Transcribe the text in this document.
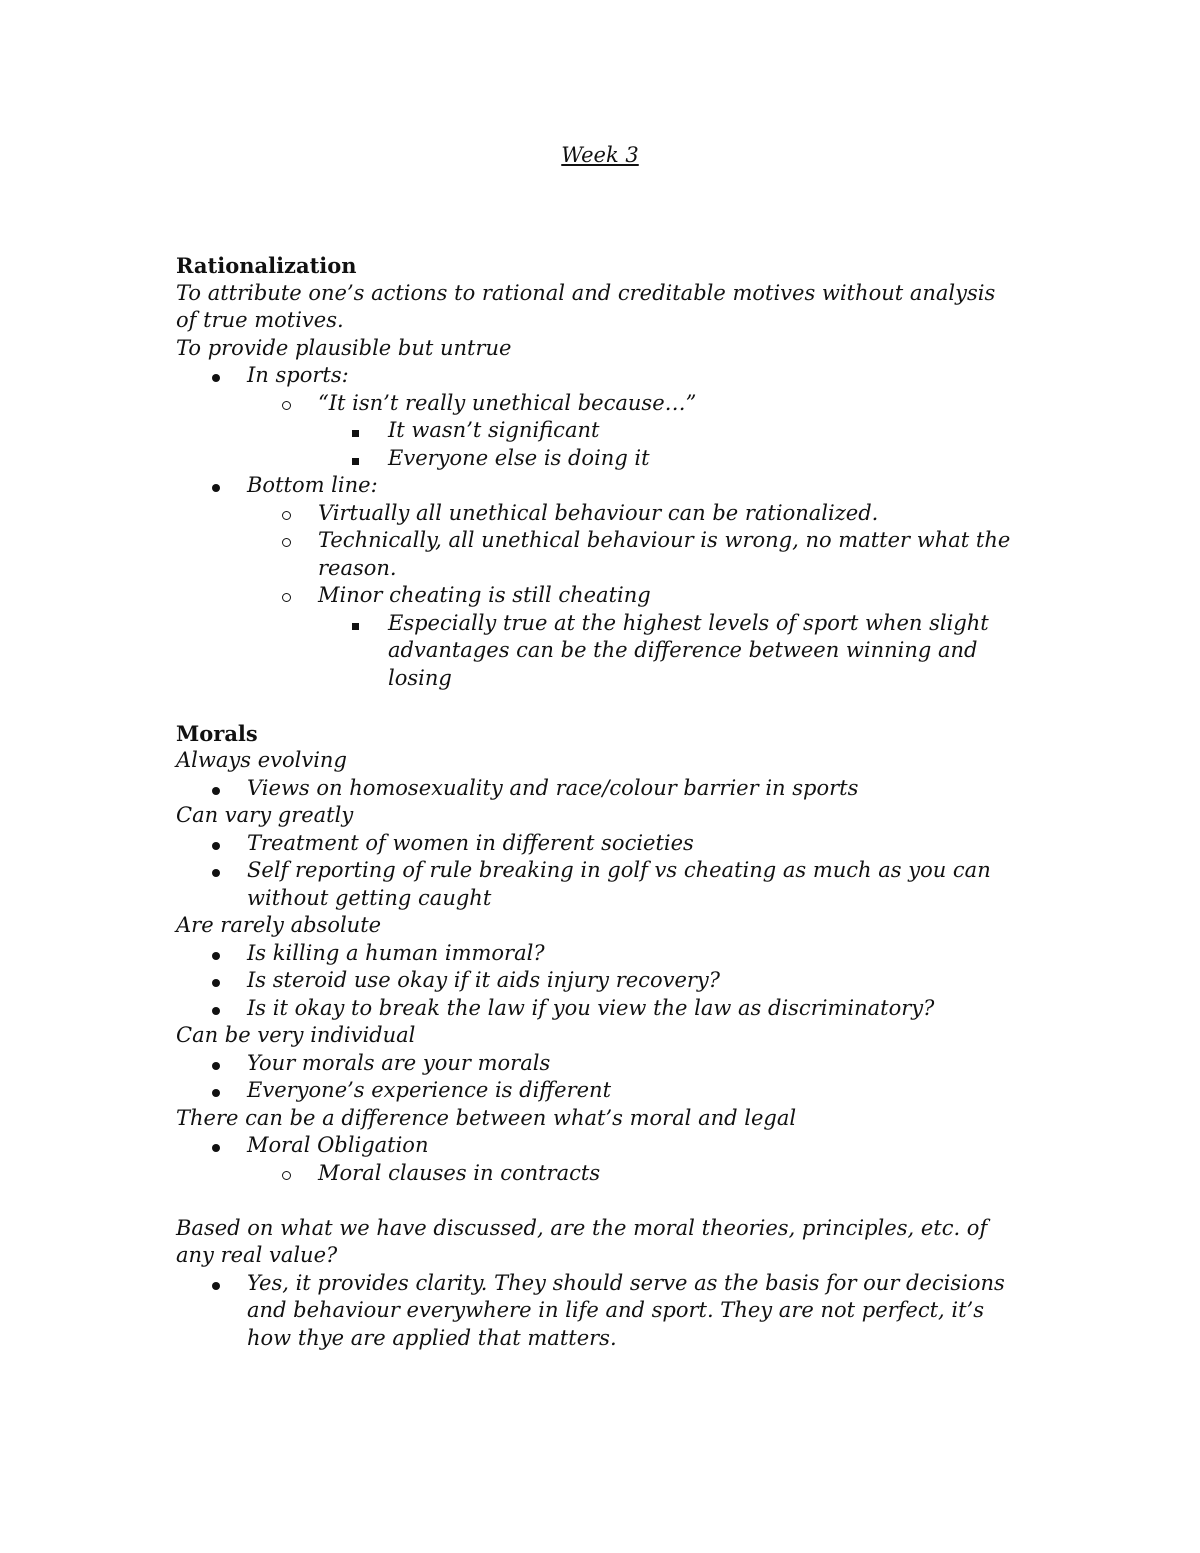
Week 3
Rationalization
To attribute one’s actions to rational and creditable motives without analysis of true motives.
To provide plausible but untrue
In sports:
“It isn’t really unethical because…”
It wasn’t significant
Everyone else is doing it
Bottom line:
Virtually all unethical behaviour can be rationalized.
Technically, all unethical behaviour is wrong, no matter what the reason.
Minor cheating is still cheating
Especially true at the highest levels of sport when slight advantages can be the difference between winning and losing
Morals
Always evolving
Views on homosexuality and race/colour barrier in sports
Can vary greatly
Treatment of women in different societies
Self reporting of rule breaking in golf vs cheating as much as you can without getting caught
Are rarely absolute
Is killing a human immoral?
Is steroid use okay if it aids injury recovery?
Is it okay to break the law if you view the law as discriminatory?
Can be very individual
Your morals are your morals
Everyone’s experience is different
There can be a difference between what’s moral and legal
Moral Obligation
Moral clauses in contracts
Based on what we have discussed, are the moral theories, principles, etc. of any real value?
Yes, it provides clarity. They should serve as the basis for our decisions and behaviour everywhere in life and sport. They are not perfect, it’s how thye are applied that matters.
